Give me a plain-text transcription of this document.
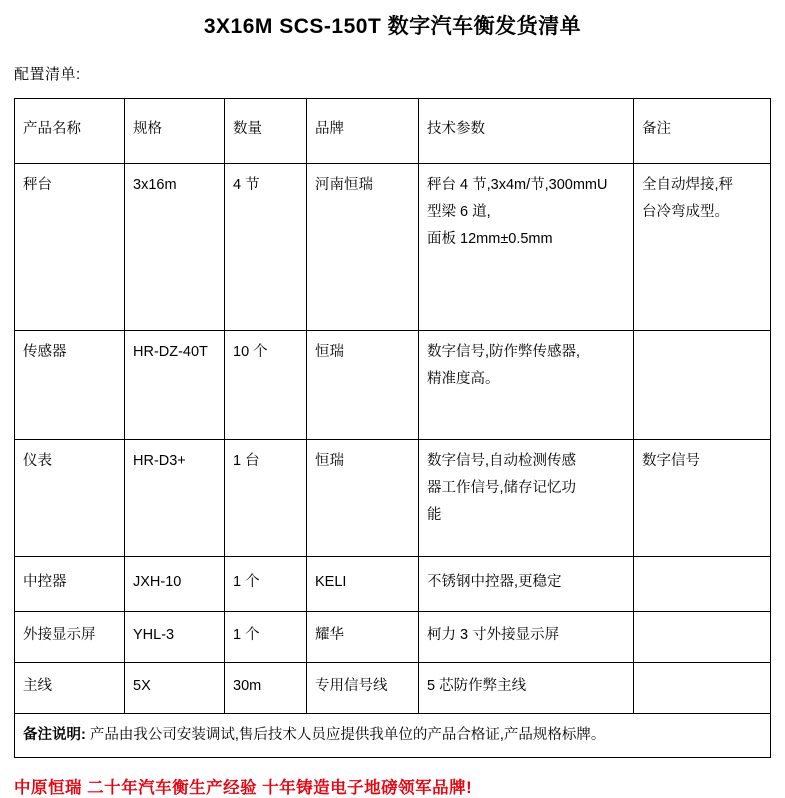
3X16M SCS-150T 数字汽车衡发货清单
配置清单:
产品名称	规格	数量	品牌	技术参数	备注
秤台	3x16m	4 节	河南恒瑞	秤台 4 节,3x4m/节,300mmU
型梁 6 道,
面板 12mm±0.5mm	全自动焊接,秤
台冷弯成型。

传感器	HR-DZ-40T	10 个	恒瑞	数字信号,防作弊传感器,
精准度高。	

仪表	HR-D3+	1 台	恒瑞	数字信号,自动检测传感
器工作信号,储存记忆功
能	数字信号
中控器	JXH-10	1 个	KELI	不锈钢中控器,更稳定	
外接显示屏	YHL-3	1 个	耀华	柯力 3 寸外接显示屏	
主线	5X	30m	专用信号线	5 芯防作弊主线	
备注说明: 产品由我公司安装调试,售后技术人员应提供我单位的产品合格证,产品规格标牌。					
中原恒瑞 二十年汽车衡生产经验 十年铸造电子地磅领军品牌!
